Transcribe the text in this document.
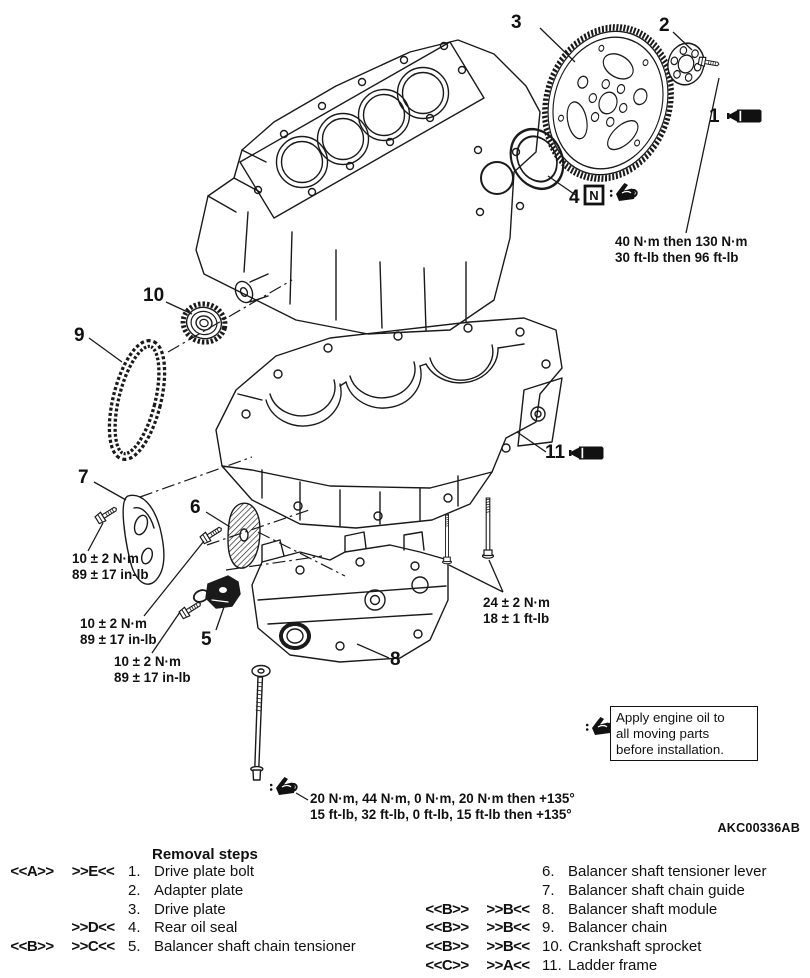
N
1
2
3
4
5
6
7
8
9
10
11
40 N·m then 130 N·m
30 ft-lb then 96 ft-lb
10 ± 2 N·m
89 ± 17 in-lb
10 ± 2 N·m
89 ± 17 in-lb
10 ± 2 N·m
89 ± 17 in-lb
24 ± 2 N·m
18 ± 1 ft-lb
20 N·m, 44 N·m, 0 N·m, 20 N·m then +135°
15 ft-lb, 32 ft-lb, 0 ft-lb, 15 ft-lb then +135°
Apply engine oil to
all moving parts
before installation.
AKC00336AB
Removal steps
<<A>>	>>E<< 1. Drive plate bolt
2. Adapter plate
3. Drive plate
>>D<< 4. Rear oil seal
<<B>>	>>C<< 5. Balancer shaft chain tensioner
6. Balancer shaft tensioner lever
7. Balancer shaft chain guide
<<B>>	>>B<< 8. Balancer shaft module
<<B>>	>>B<< 9. Balancer chain
<<B>>	>>B<< 10. Crankshaft sprocket
<<C>>	>>A<< 11. Ladder frame
